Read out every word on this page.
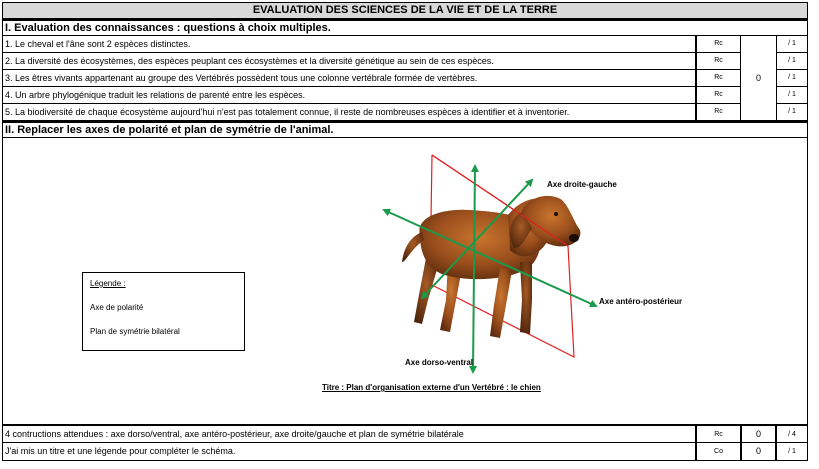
EVALUATION DES SCIENCES DE LA VIE ET DE LA TERRE
I. Evaluation des connaissances : questions à choix multiples.
1. Le cheval et l'âne sont 2 espèces distinctes.	Rc	/ 1
2. La diversité des écosystèmes, des espèces peuplant ces écosystèmes et la diversité génétique au sein de ces espèces.	Rc	/ 1
3. Les êtres vivants appartenant au groupe des Vertébrés possèdent tous une colonne vertébrale formée de vertèbres.	Rc	/ 1
4. Un arbre phylogénique traduit les relations de parenté entre les espèces.	Rc	/ 1
5. La biodiversité de chaque écosystème aujourd'hui n'est pas totalement connue, il reste de nombreuses espèces à identifier et à inventorier.	Rc	/ 1
0
II. Replacer les axes de polarité et plan de symétrie de l'animal.
Axe droite-gauche
Axe antéro-postérieur
Axe dorso-ventral
Titre : Plan d'organisation externe d'un Vertébré : le chien
Légende :
Axe de polarité
Plan de symétrie bilatéral
4 contructions attendues : axe dorso/ventral, axe antéro-postérieur, axe droite/gauche et plan de symétrie bilatérale	Rc	0	/ 4
J'ai mis un titre et une légende pour compléter le schéma.	Co	0	/ 1
